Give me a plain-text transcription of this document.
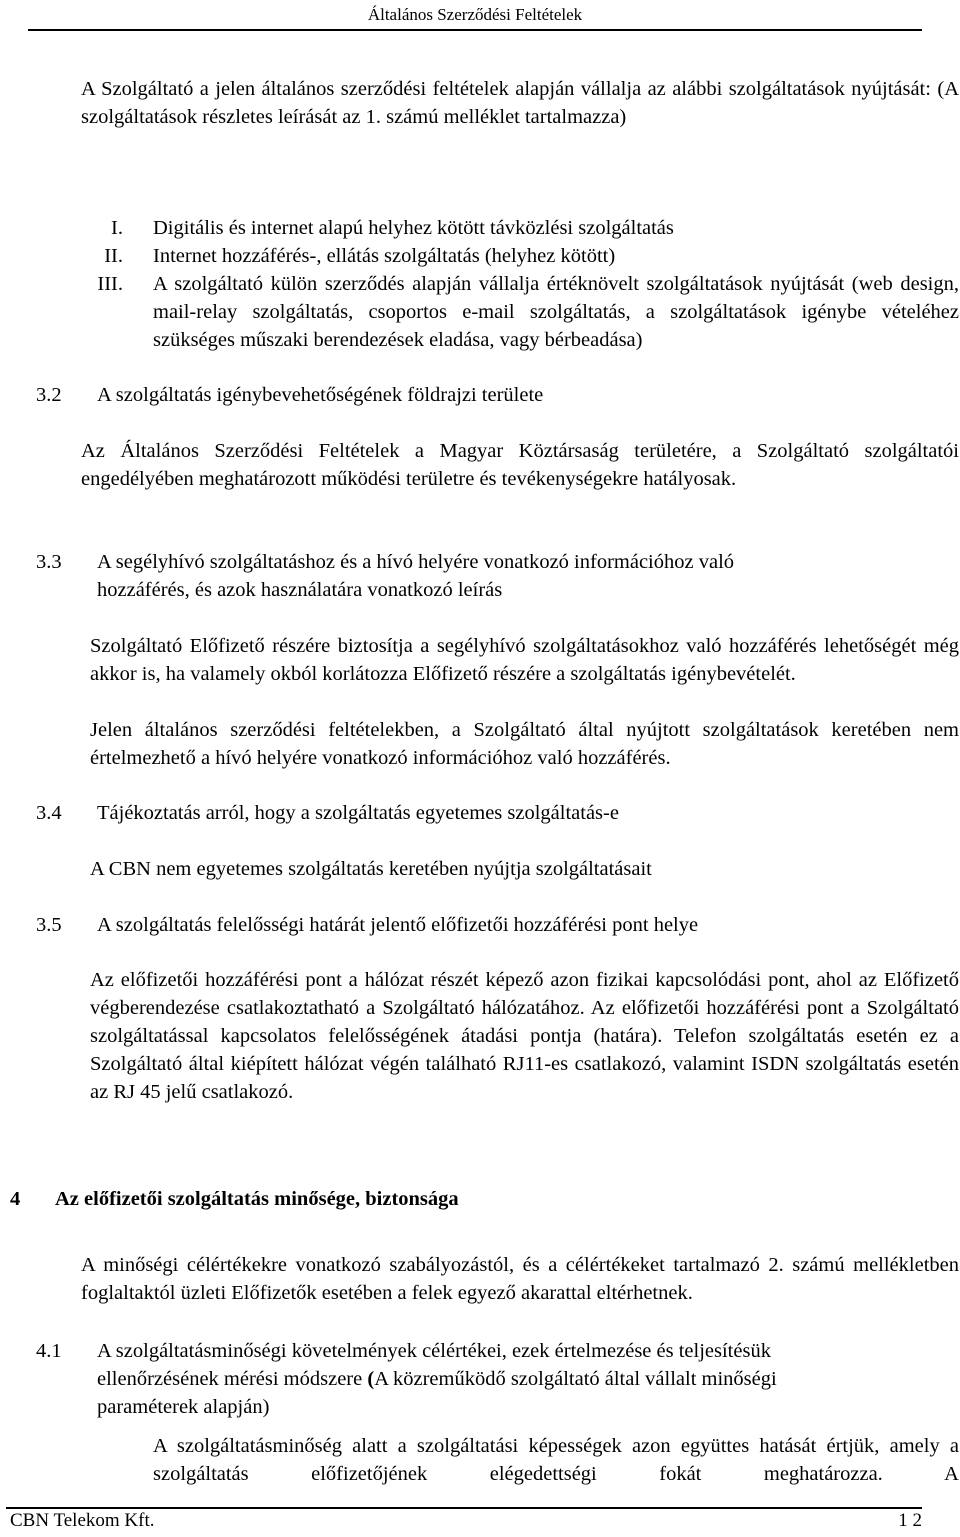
Általános Szerződési Feltételek
A Szolgáltató a jelen általános szerződési feltételek alapján vállalja az alábbi szolgáltatások nyújtását: (A szolgáltatások részletes leírását az 1. számú melléklet tartalmazza)
I. Digitális és internet alapú helyhez kötött távközlési szolgáltatás
II. Internet hozzáférés-, ellátás szolgáltatás (helyhez kötött)
III. A szolgáltató külön szerződés alapján vállalja értéknövelt szolgáltatások nyújtását (web design, mail-relay szolgáltatás, csoportos e-mail szolgáltatás, a szolgáltatások igénybe vételéhez szükséges műszaki berendezések eladása, vagy bérbeadása)
3.2 A szolgáltatás igénybevehetőségének földrajzi területe
Az Általános Szerződési Feltételek a Magyar Köztársaság területére, a Szolgáltató szolgáltatói engedélyében meghatározott működési területre és tevékenységekre hatályosak.
3.3 A segélyhívó szolgáltatáshoz és a hívó helyére vonatkozó információhoz való
hozzáférés, és azok használatára vonatkozó leírás
Szolgáltató Előfizető részére biztosítja a segélyhívó szolgáltatásokhoz való hozzáférés lehetőségét még akkor is, ha valamely okból korlátozza Előfizető részére a szolgáltatás igénybevételét.
Jelen általános szerződési feltételekben, a Szolgáltató által nyújtott szolgáltatások keretében nem értelmezhető a hívó helyére vonatkozó információhoz való hozzáférés.
3.4 Tájékoztatás arról, hogy a szolgáltatás egyetemes szolgáltatás-e
A CBN nem egyetemes szolgáltatás keretében nyújtja szolgáltatásait
3.5 A szolgáltatás felelősségi határát jelentő előfizetői hozzáférési pont helye
Az előfizetői hozzáférési pont a hálózat részét képező azon fizikai kapcsolódási pont, ahol az Előfizető végberendezése csatlakoztatható a Szolgáltató hálózatához. Az előfizetői hozzáférési pont a Szolgáltató szolgáltatással kapcsolatos felelősségének átadási pontja (határa). Telefon szolgáltatás esetén ez a Szolgáltató által kiépített hálózat végén található RJ11-es csatlakozó, valamint ISDN szolgáltatás esetén az RJ 45 jelű csatlakozó.
4 Az előfizetői szolgáltatás minősége, biztonsága
A minőségi célértékekre vonatkozó szabályozástól, és a célértékeket tartalmazó 2. számú mellékletben foglaltaktól üzleti Előfizetők esetében a felek egyező akarattal eltérhetnek.
4.1 A szolgáltatásminőségi követelmények célértékei, ezek értelmezése és teljesítésük
ellenőrzésének mérési módszere (A közreműködő szolgáltató által vállalt minőségi
paraméterek alapján)
A szolgáltatásminőség alatt a szolgáltatási képességek azon együttes hatását értjük, amely a szolgáltatás előfizetőjének elégedettségi fokát meghatározza. A
CBN Telekom Kft.	1 2
